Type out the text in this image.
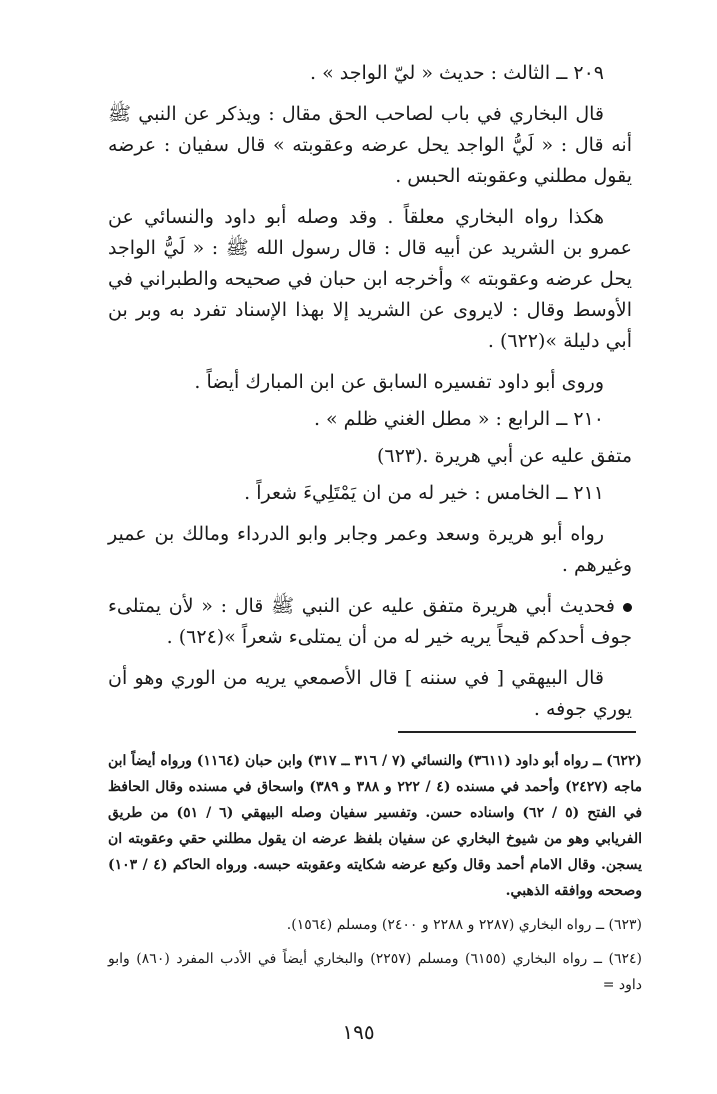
٢٠٩ ــ الثالث : حديث « ليّ الواجد » .

قال البخاري في باب لصاحب الحق مقال : ويذكر عن النبي ﷺ أنه قال : « لَيُّ الواجد يحل عرضه وعقوبته » قال سفيان : عرضه يقول مطلني وعقوبته الحبس .

هكذا رواه البخاري معلقاً . وقد وصله أبو داود والنسائي عن عمرو بن الشريد عن أبيه قال : قال رسول الله ﷺ : « لَيُّ الواجد يحل عرضه وعقوبته » وأخرجه ابن حبان في صحيحه والطبراني في الأوسط وقال : لايروى عن الشريد إلا بهذا الإسناد تفرد به وبر بن أبي دليلة »(٦٢٢) .

وروى أبو داود تفسيره السابق عن ابن المبارك أيضاً .

٢١٠ ــ الرابع : « مطل الغني ظلم » .

متفق عليه عن أبي هريرة .(٦٢٣)

٢١١ ــ الخامس : خير له من ان يَمْتَلِيءَ شعراً .

رواه أبو هريرة وسعد وعمر وجابر وابو الدرداء ومالك بن عمير وغيرهم .

فحديث أبي هريرة متفق عليه عن النبي ﷺ قال : « لأن يمتلىء جوف أحدكم قيحاً يريه خير له من أن يمتلىء شعراً »(٦٢٤) .

قال البيهقي [ في سننه ] قال الأصمعي يريه من الوري وهو أن يوري جوفه .

(٦٢٢) ــ رواه أبو داود (٣٦١١) والنسائي (٧ / ٣١٦ ــ ٣١٧) وابن حبان (١١٦٤) ورواه أيضاً ابن ماجه (٢٤٢٧) وأحمد في مسنده (٤ / ٢٢٢ و ٣٨٨ و ٣٨٩) واسحاق في مسنده وقال الحافظ في الفتح (٥ / ٦٢) واسناده حسن. وتفسير سفيان وصله البيهقي (٦ / ٥١) من طريق الفريابي وهو من شيوخ البخاري عن سفيان بلفظ عرضه ان يقول مطلني حقي وعقوبته ان يسجن. وقال الامام أحمد وقال وكيع عرضه شكايته وعقوبته حبسه. ورواه الحاكم (٤ / ١٠٣) وصححه ووافقه الذهبي.

(٦٢٣) ــ رواه البخاري (٢٢٨٧ و ٢٢٨٨ و ٢٤٠٠) ومسلم (١٥٦٤).

(٦٢٤) ــ رواه البخاري (٦١٥٥) ومسلم (٢٢٥٧) والبخاري أيضاً في الأدب المفرد (٨٦٠) وابو داود =

١٩٥
